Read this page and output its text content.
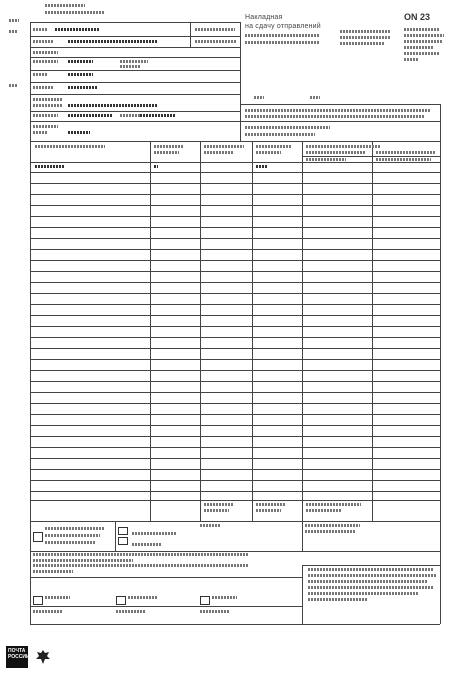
Накладная
на сдачу отправлений
ON 23
ПОЧТА РОССИИ
